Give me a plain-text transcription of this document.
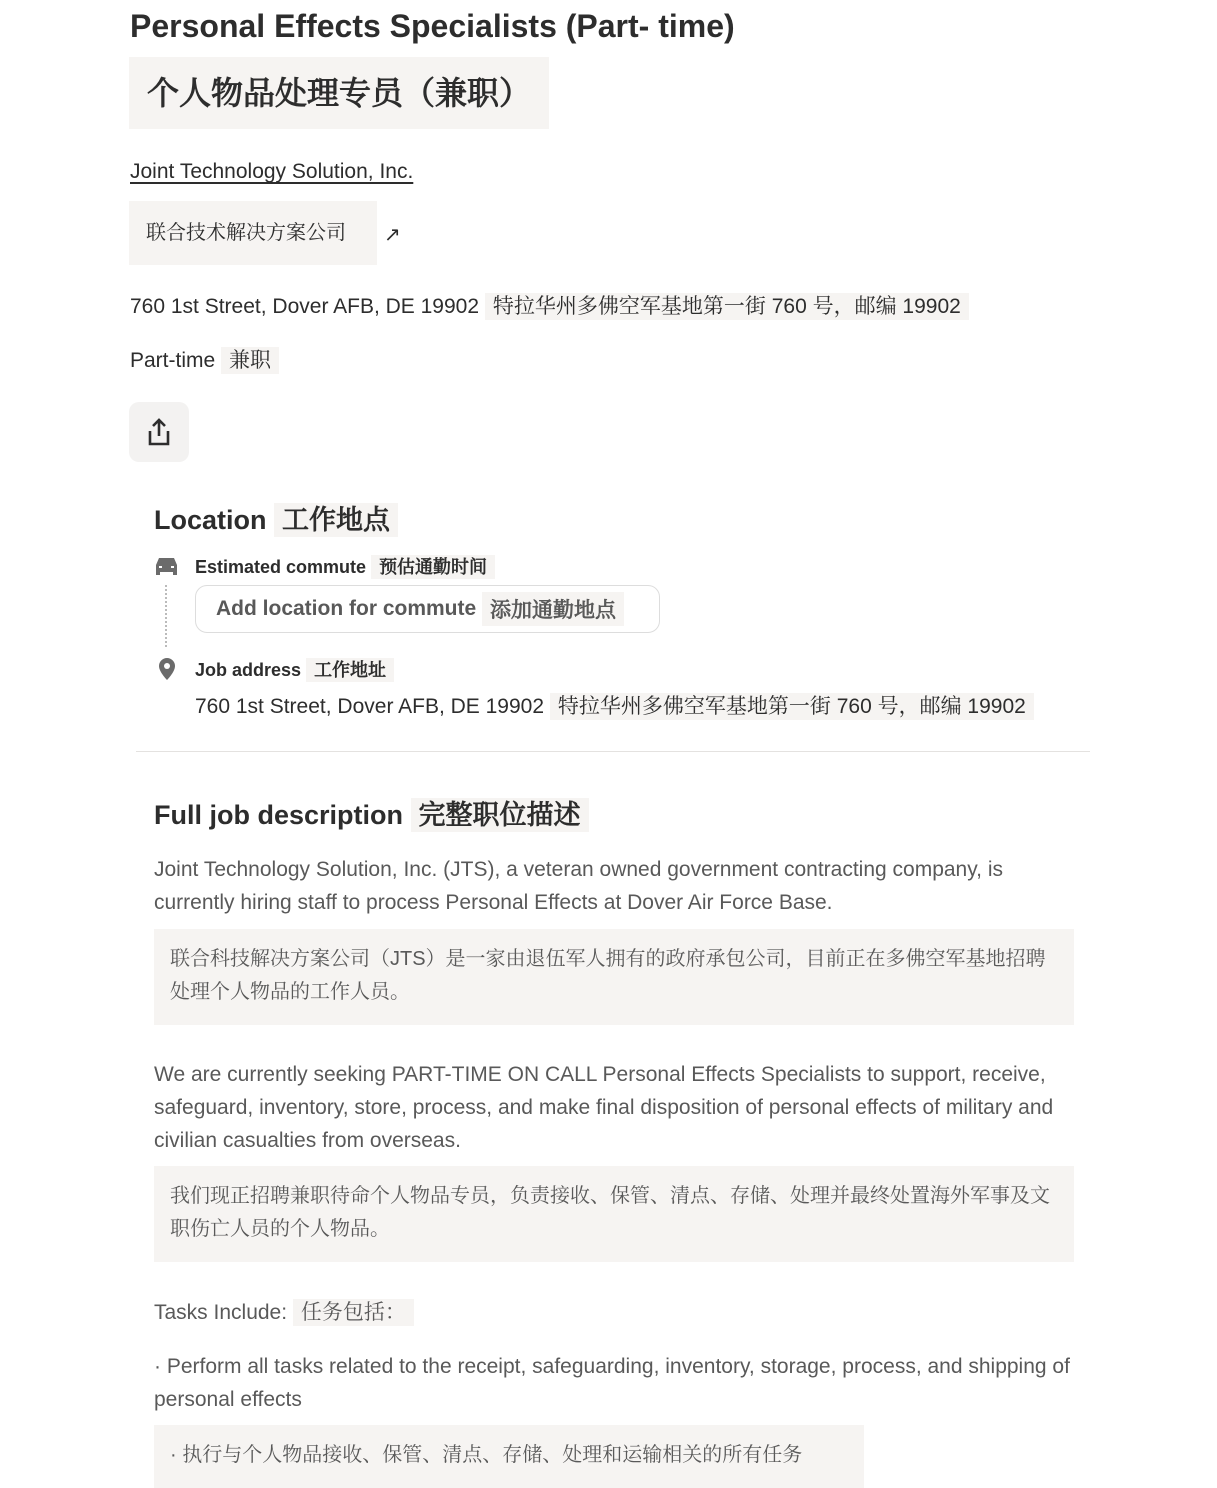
Personal Effects Specialists (Part- time)
个人物品处理专员（兼职）
Joint Technology Solution, Inc.
联合技术解决方案公司	↗
760 1st Street, Dover AFB, DE 19902 特拉华州多佛空军基地第一街 760 号，邮编 19902
Part-time 兼职
Location 工作地点
Estimated commute 预估通勤时间
Add location for commute
添加通勤地点
Job address 工作地址
760 1st Street, Dover AFB, DE 19902 特拉华州多佛空军基地第一街 760 号，邮编 19902
Full job description 完整职位描述
Joint Technology Solution, Inc. (JTS), a veteran owned government contracting company, is currently hiring staff to process Personal Effects at Dover Air Force Base.
联合科技解决方案公司（JTS）是一家由退伍军人拥有的政府承包公司，目前正在多佛空军基地招聘处理个人物品的工作人员。
We are currently seeking PART-TIME ON CALL Personal Effects Specialists to support, receive, safeguard, inventory, store, process, and make final disposition of personal effects of military and civilian casualties from overseas.
我们现正招聘兼职待命个人物品专员，负责接收、保管、清点、存储、处理并最终处置海外军事及文职伤亡人员的个人物品。
Tasks Include: 任务包括：
· Perform all tasks related to the receipt, safeguarding, inventory, storage, process, and shipping of personal effects
· 执行与个人物品接收、保管、清点、存储、处理和运输相关的所有任务
